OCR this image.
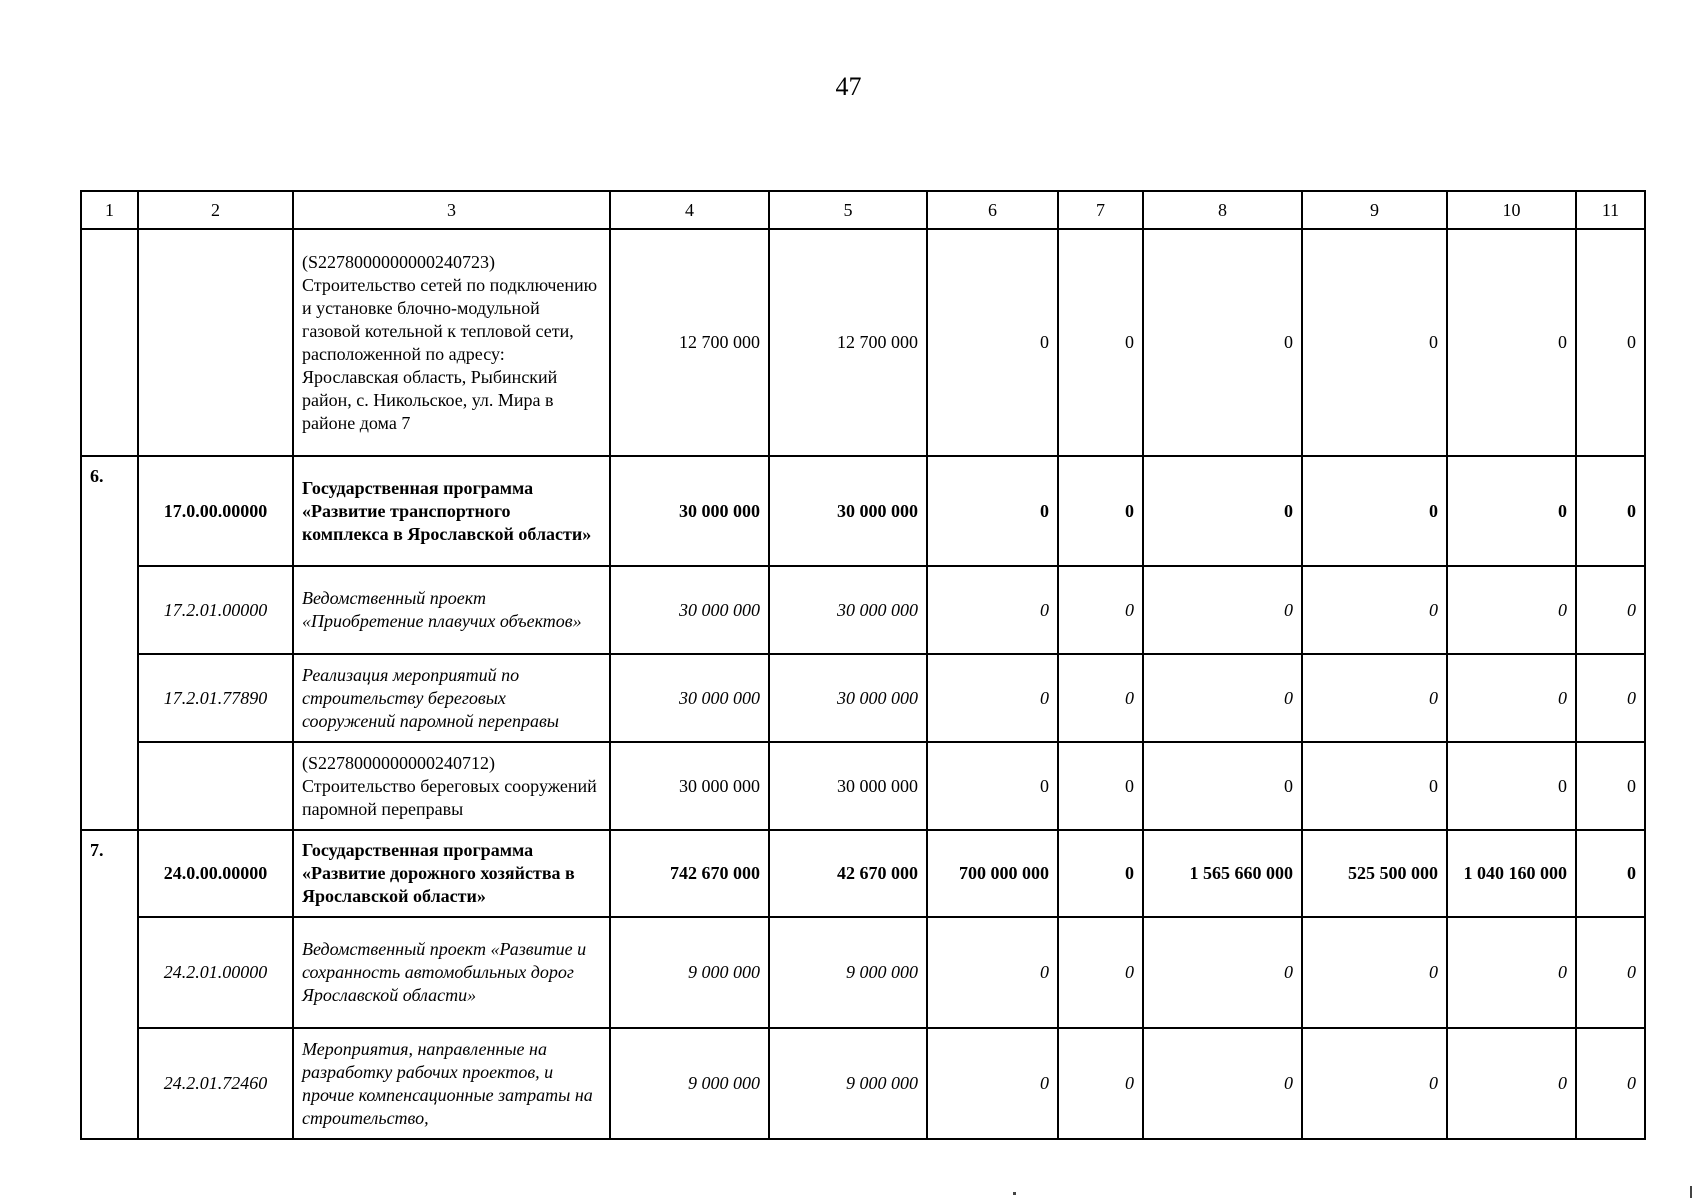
47
1	2	3	4	5	6	7	8	9	10	11
		(S2278000000000240723) Строительство сетей по подключению и установке блочно-модульной газовой котельной к тепловой сети, расположенной по адресу: Ярославская область, Рыбинский район, с. Никольское, ул. Мира в районе дома 7	12 700 000	12 700 000	0	0	0	0	0	0
6.	17.0.00.00000	Государственная программа «Развитие транспортного комплекса в Ярославской области»	30 000 000	30 000 000	0	0	0	0	0	0
	17.2.01.00000	Ведомственный проект «Приобретение плавучих объектов»	30 000 000	30 000 000	0	0	0	0	0	0
	17.2.01.77890	Реализация мероприятий по строительству береговых сооружений паромной переправы	30 000 000	30 000 000	0	0	0	0	0	0
		(S2278000000000240712) Строительство береговых сооружений паромной переправы	30 000 000	30 000 000	0	0	0	0	0	0
7.	24.0.00.00000	Государственная программа «Развитие дорожного хозяйства в Ярославской области»	742 670 000	42 670 000	700 000 000	0	1 565 660 000	525 500 000	1 040 160 000	0
	24.2.01.00000	Ведомственный проект «Развитие и сохранность автомобильных дорог Ярославской области»	9 000 000	9 000 000	0	0	0	0	0	0
	24.2.01.72460	Мероприятия, направленные на разработку рабочих проектов, и прочие компенсационные затраты на строительство,	9 000 000	9 000 000	0	0	0	0	0	0
